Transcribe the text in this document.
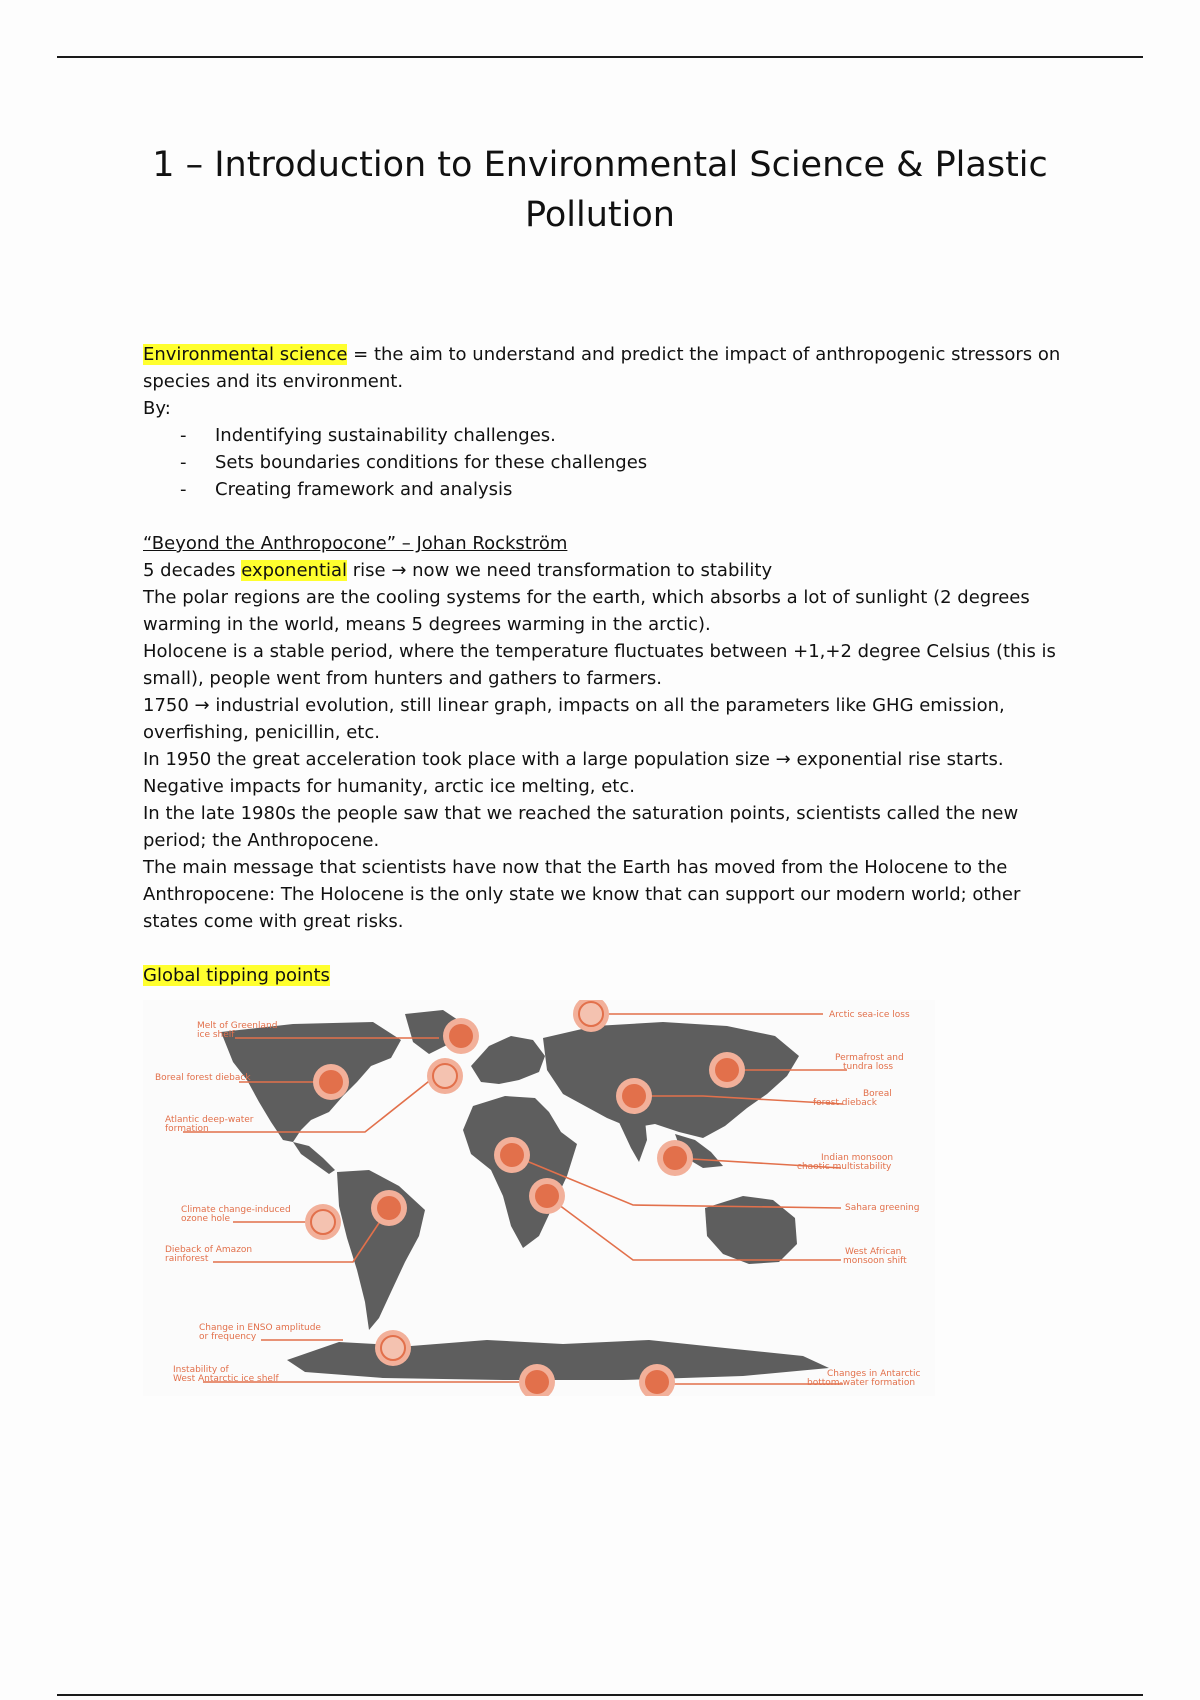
1 – Introduction to Environmental Science & Plastic Pollution

Environmental science = the aim to understand and predict the impact of anthropogenic stressors on species and its environment.

By:

- Indentifying sustainability challenges.
- Sets boundaries conditions for these challenges
- Creating framework and analysis

“Beyond the Anthropocone” – Johan Rockström

5 decades exponential rise → now we need transformation to stability

The polar regions are the cooling systems for the earth, which absorbs a lot of sunlight (2 degrees warming in the world, means 5 degrees warming in the arctic).

Holocene is a stable period, where the temperature fluctuates between +1,+2 degree Celsius (this is small), people went from hunters and gathers to farmers.

1750 → industrial evolution, still linear graph, impacts on all the parameters like GHG emission, overfishing, penicillin, etc.

In 1950 the great acceleration took place with a large population size → exponential rise starts. Negative impacts for humanity, arctic ice melting, etc.

In the late 1980s the people saw that we reached the saturation points, scientists called the new period; the Anthropocene.

The main message that scientists have now that the Earth has moved from the Holocene to the Anthropocene: The Holocene is the only state we know that can support our modern world; other states come with great risks.

Global tipping points

Melt of Greenland
ice shelf
Boreal forest dieback
Atlantic deep-water
formation
Climate change-induced
ozone hole
Dieback of Amazon
rainforest
Change in ENSO amplitude
or frequency
Instability of
West Antarctic ice shelf
Arctic sea-ice loss
Permafrost and
tundra loss
Boreal
forest dieback
Indian monsoon
chaotic multistability
Sahara greening
West African
monsoon shift
Changes in Antarctic
bottom-water formation
